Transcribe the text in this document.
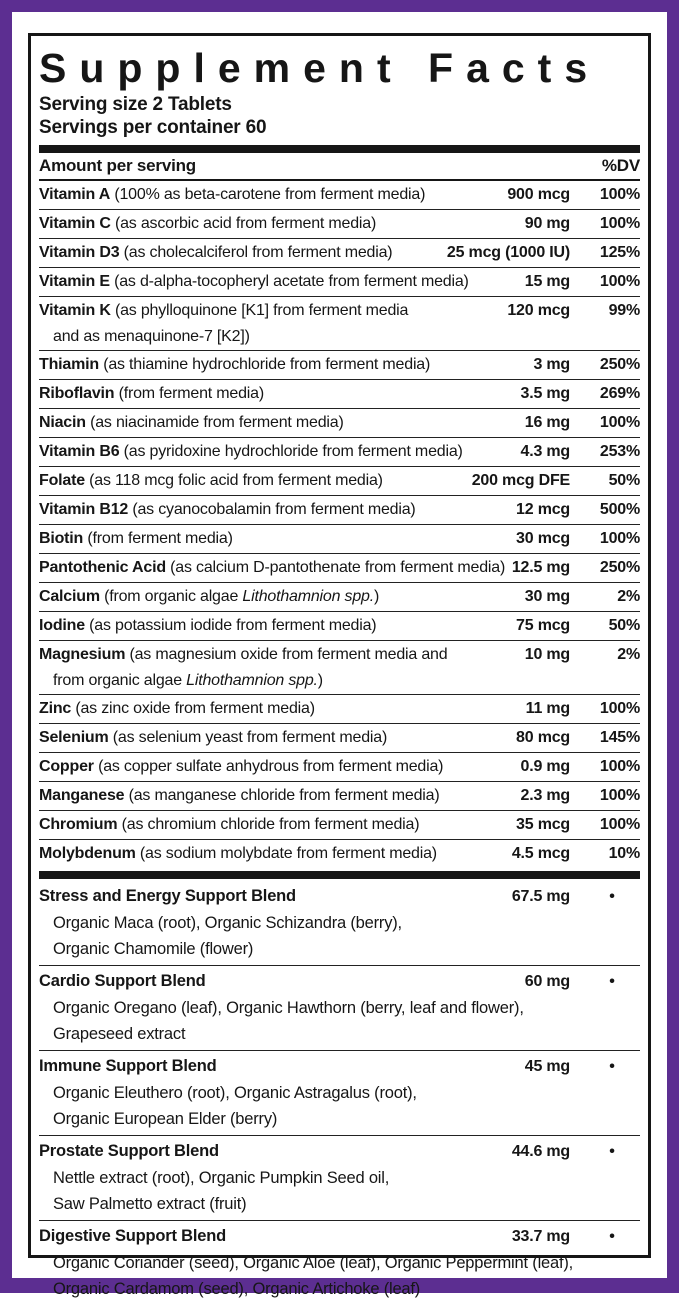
Supplement Facts
Serving size 2 Tablets
Servings per container 60
Amount per serving	%DV
Vitamin A (100% as beta-carotene from ferment media)	900 mcg	100%
Vitamin C (as ascorbic acid from ferment media)	90 mg	100%
Vitamin D3 (as cholecalciferol from ferment media)	25 mcg (1000 IU)	125%
Vitamin E (as d-alpha-tocopheryl acetate from ferment media)	15 mg	100%
Vitamin K (as phylloquinone [K1] from ferment media	120 mcg	99%
and as menaquinone-7 [K2])
Thiamin (as thiamine hydrochloride from ferment media)	3 mg	250%
Riboflavin (from ferment media)	3.5 mg	269%
Niacin (as niacinamide from ferment media)	16 mg	100%
Vitamin B6 (as pyridoxine hydrochloride from ferment media)	4.3 mg	253%
Folate (as 118 mcg folic acid from ferment media)	200 mcg DFE	50%
Vitamin B12 (as cyanocobalamin from ferment media)	12 mcg	500%
Biotin (from ferment media)	30 mcg	100%
Pantothenic Acid (as calcium D-pantothenate from ferment media) 12.5 mg	250%
Calcium (from organic algae Lithothamnion spp.)	30 mg	2%
Iodine (as potassium iodide from ferment media)	75 mcg	50%
Magnesium (as magnesium oxide from ferment media and	10 mg	2%
from organic algae Lithothamnion spp.)
Zinc (as zinc oxide from ferment media)	11 mg	100%
Selenium (as selenium yeast from ferment media)	80 mcg	145%
Copper (as copper sulfate anhydrous from ferment media)	0.9 mg	100%
Manganese (as manganese chloride from ferment media)	2.3 mg	100%
Chromium (as chromium chloride from ferment media)	35 mcg	100%
Molybdenum (as sodium molybdate from ferment media)	4.5 mcg	10%
Stress and Energy Support Blend	67.5 mg	•
Organic Maca (root), Organic Schizandra (berry),
Organic Chamomile (flower)
Cardio Support Blend	60 mg	•
Organic Oregano (leaf), Organic Hawthorn (berry, leaf and flower),
Grapeseed extract
Immune Support Blend	45 mg	•
Organic Eleuthero (root), Organic Astragalus (root),
Organic European Elder (berry)
Prostate Support Blend	44.6 mg	•
Nettle extract (root), Organic Pumpkin Seed oil,
Saw Palmetto extract (fruit)
Digestive Support Blend	33.7 mg	•
Organic Coriander (seed), Organic Aloe (leaf), Organic Peppermint (leaf),
Organic Cardamom (seed), Organic Artichoke (leaf)
